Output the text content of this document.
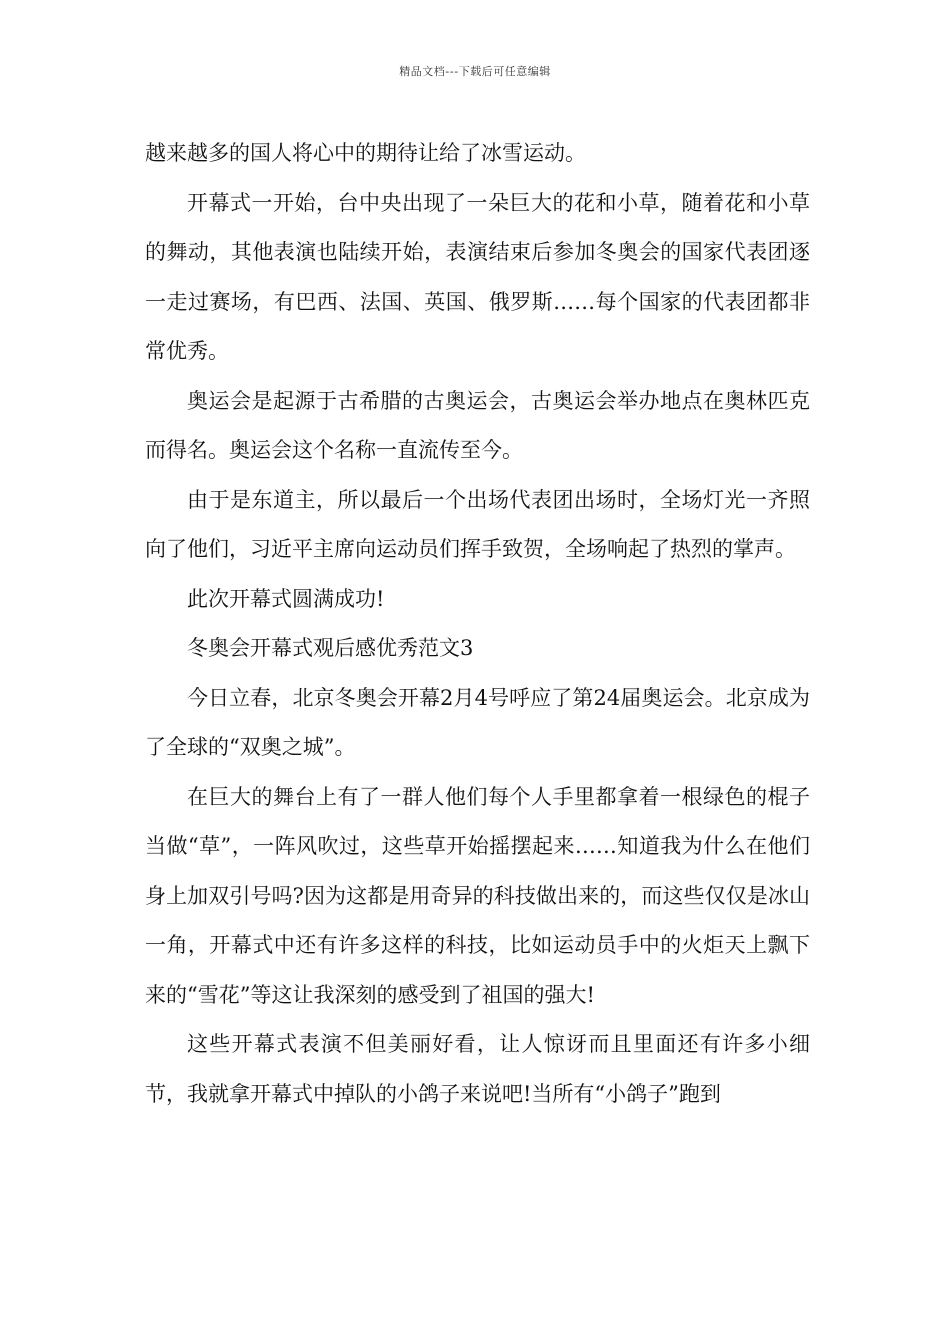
精品文档---下载后可任意编辑

越来越多的国人将心中的期待让给了冰雪运动。

开幕式一开始，台中央出现了一朵巨大的花和小草，随着花和小草的舞动，其他表演也陆续开始，表演结束后参加冬奥会的国家代表团逐一走过赛场，有巴西、法国、英国、俄罗斯……每个国家的代表团都非常优秀。

奥运会是起源于古希腊的古奥运会，古奥运会举办地点在奥林匹克而得名。奥运会这个名称一直流传至今。

由于是东道主，所以最后一个出场代表团出场时，全场灯光一齐照向了他们，习近平主席向运动员们挥手致贺，全场响起了热烈的掌声。

此次开幕式圆满成功!

冬奥会开幕式观后感优秀范文3

今日立春，北京冬奥会开幕2月4号呼应了第24届奥运会。北京成为了全球的“双奥之城”。

在巨大的舞台上有了一群人他们每个人手里都拿着一根绿色的棍子当做“草”，一阵风吹过，这些草开始摇摆起来……知道我为什么在他们身上加双引号吗?因为这都是用奇异的科技做出来的，而这些仅仅是冰山一角，开幕式中还有许多这样的科技，比如运动员手中的火炬天上飘下来的“雪花”等这让我深刻的感受到了祖国的强大!

这些开幕式表演不但美丽好看，让人惊讶而且里面还有许多小细节，我就拿开幕式中掉队的小鸽子来说吧!当所有“小鸽子”跑到
